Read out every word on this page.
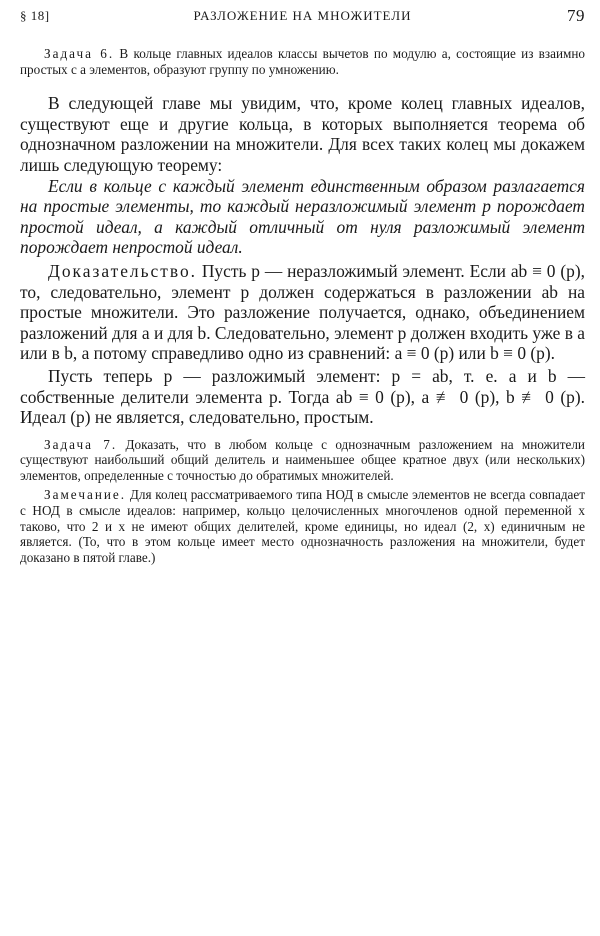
§ 18]	РАЗЛОЖЕНИЕ НА МНОЖИТЕЛИ	79

Задача 6. В кольце главных идеалов классы вычетов по модулю a, состоящие из взаимно простых с a элементов, образуют группу по умножению.

В следующей главе мы увидим, что, кроме колец главных идеалов, существуют еще и другие кольца, в которых выполняется теорема об однозначном разложении на множители. Для всех таких колец мы докажем лишь следующую теорему:

Если в кольце с каждый элемент единственным образом разлагается на простые элементы, то каждый неразложимый элемент p порождает простой идеал, а каждый отличный от нуля разложимый элемент порождает непростой идеал.

Доказательство. Пусть p — неразложимый элемент. Если ab ≡ 0 (p), то, следовательно, элемент p должен содержаться в разложении ab на простые множители. Это разложение получается, однако, объединением разложений для a и для b. Следовательно, элемент p должен входить уже в a или в b, а потому справедливо одно из сравнений: a ≡ 0 (p) или b ≡ 0 (p).

Пусть теперь p — разложимый элемент: p = ab, т. е. a и b — собственные делители элемента p. Тогда ab ≡ 0 (p), a ≢ 0 (p), b ≢ 0 (p). Идеал (p) не является, следовательно, простым.

Задача 7. Доказать, что в любом кольце с однозначным разложением на множители существуют наибольший общий делитель и наименьшее общее кратное двух (или нескольких) элементов, определенные с точностью до обратимых множителей.

Замечание. Для колец рассматриваемого типа НОД в смысле элементов не всегда совпадает с НОД в смысле идеалов: например, кольцо целочисленных многочленов одной переменной x таково, что 2 и x не имеют общих делителей, кроме единицы, но идеал (2, x) единичным не является. (То, что в этом кольце имеет место однозначность разложения на множители, будет доказано в пятой главе.)
